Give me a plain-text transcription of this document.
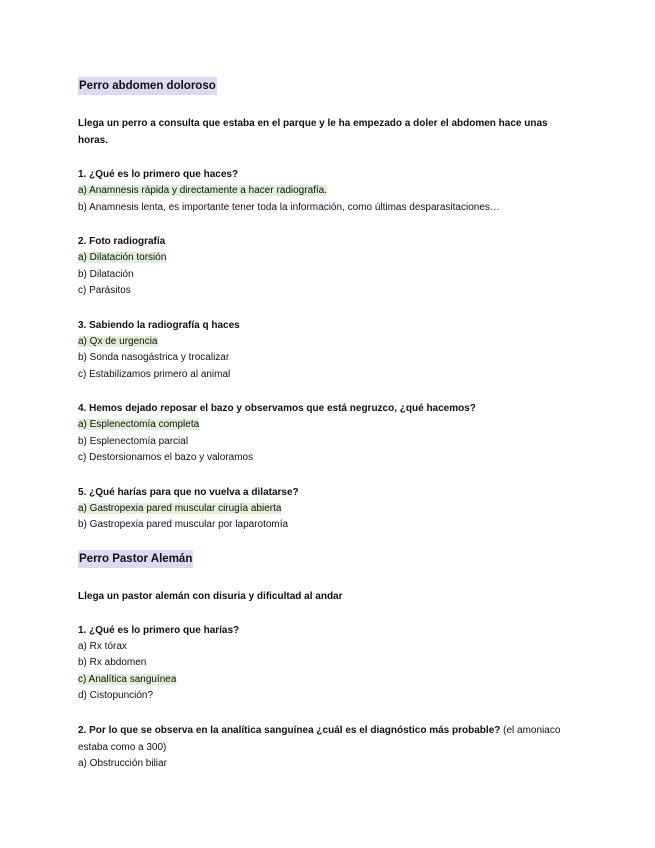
Perro abdomen doloroso

Llega un perro a consulta que estaba en el parque y le ha empezado a doler el abdomen hace unas horas.

1. ¿Qué es lo primero que haces?

a) Anamnesis rápida y directamente a hacer radiografía.

b) Anamnesis lenta, es importante tener toda la información, como últimas desparasitaciones…

2. Foto radiografía

a) Dilatación torsión

b) Dilatación

c) Parásitos

3. Sabiendo la radiografía q haces

a) Qx de urgencia

b) Sonda nasogástrica y trocalizar

c) Estabilizamos primero al animal

4. Hemos dejado reposar el bazo y observamos que está negruzco, ¿qué hacemos?

a) Esplenectomía completa

b) Esplenectomía parcial

c) Destorsionamos el bazo y valoramos

5. ¿Qué harías para que no vuelva a dilatarse?

a) Gastropexia pared muscular cirugía abierta

b) Gastropexia pared muscular por laparotomía

Perro Pastor Alemán

Llega un pastor alemán con disuria y dificultad al andar

1. ¿Qué es lo primero que harías?

a) Rx tórax

b) Rx abdomen

c) Analítica sanguínea

d) Cistopunción?

2. Por lo que se observa en la analítica sanguínea ¿cuál es el diagnóstico más probable? (el amoniaco estaba como a 300)

a) Obstrucción biliar
